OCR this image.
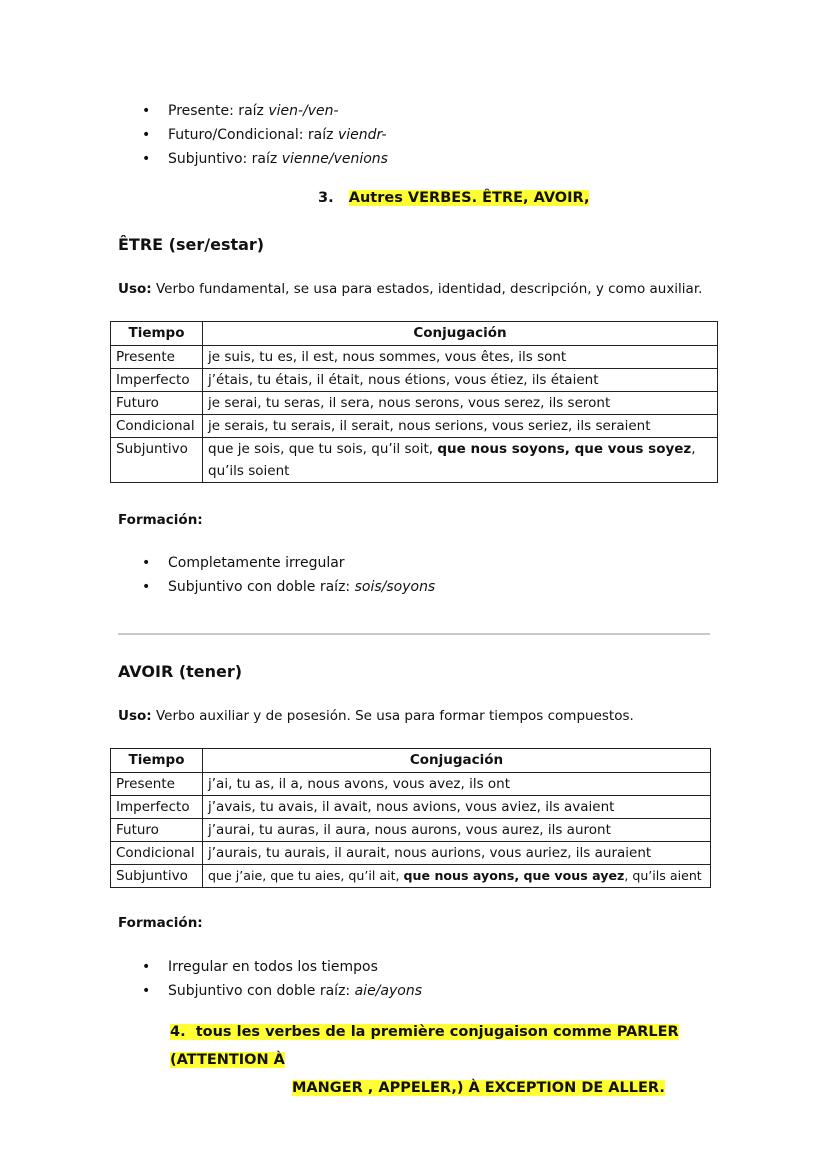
• Presente: raíz vien-/ven-
• Futuro/Condicional: raíz viendr-
• Subjuntivo: raíz vienne/venions
3. Autres VERBES. ÊTRE, AVOIR,
ÊTRE (ser/estar)
Uso: Verbo fundamental, se usa para estados, identidad, descripción, y como auxiliar.
Tiempo	Conjugación
Presente	je suis, tu es, il est, nous sommes, vous êtes, ils sont
Imperfecto	j’étais, tu étais, il était, nous étions, vous étiez, ils étaient
Futuro	je serai, tu seras, il sera, nous serons, vous serez, ils seront
Condicional	je serais, tu serais, il serait, nous serions, vous seriez, ils seraient
Subjuntivo	que je sois, que tu sois, qu’il soit, que nous soyons, que vous soyez, qu’ils soient
Formación:
• Completamente irregular
• Subjuntivo con doble raíz: sois/soyons
AVOIR (tener)
Uso: Verbo auxiliar y de posesión. Se usa para formar tiempos compuestos.
Tiempo	Conjugación
Presente	j’ai, tu as, il a, nous avons, vous avez, ils ont
Imperfecto	j’avais, tu avais, il avait, nous avions, vous aviez, ils avaient
Futuro	j’aurai, tu auras, il aura, nous aurons, vous aurez, ils auront
Condicional	j’aurais, tu aurais, il aurait, nous aurions, vous auriez, ils auraient
Subjuntivo	que j’aie, que tu aies, qu’il ait, que nous ayons, que vous ayez, qu’ils aient
Formación:
• Irregular en todos los tiempos
• Subjuntivo con doble raíz: aie/ayons
4. tous les verbes de la première conjugaison comme PARLER (ATTENTION À
MANGER , APPELER,) À EXCEPTION DE ALLER.
